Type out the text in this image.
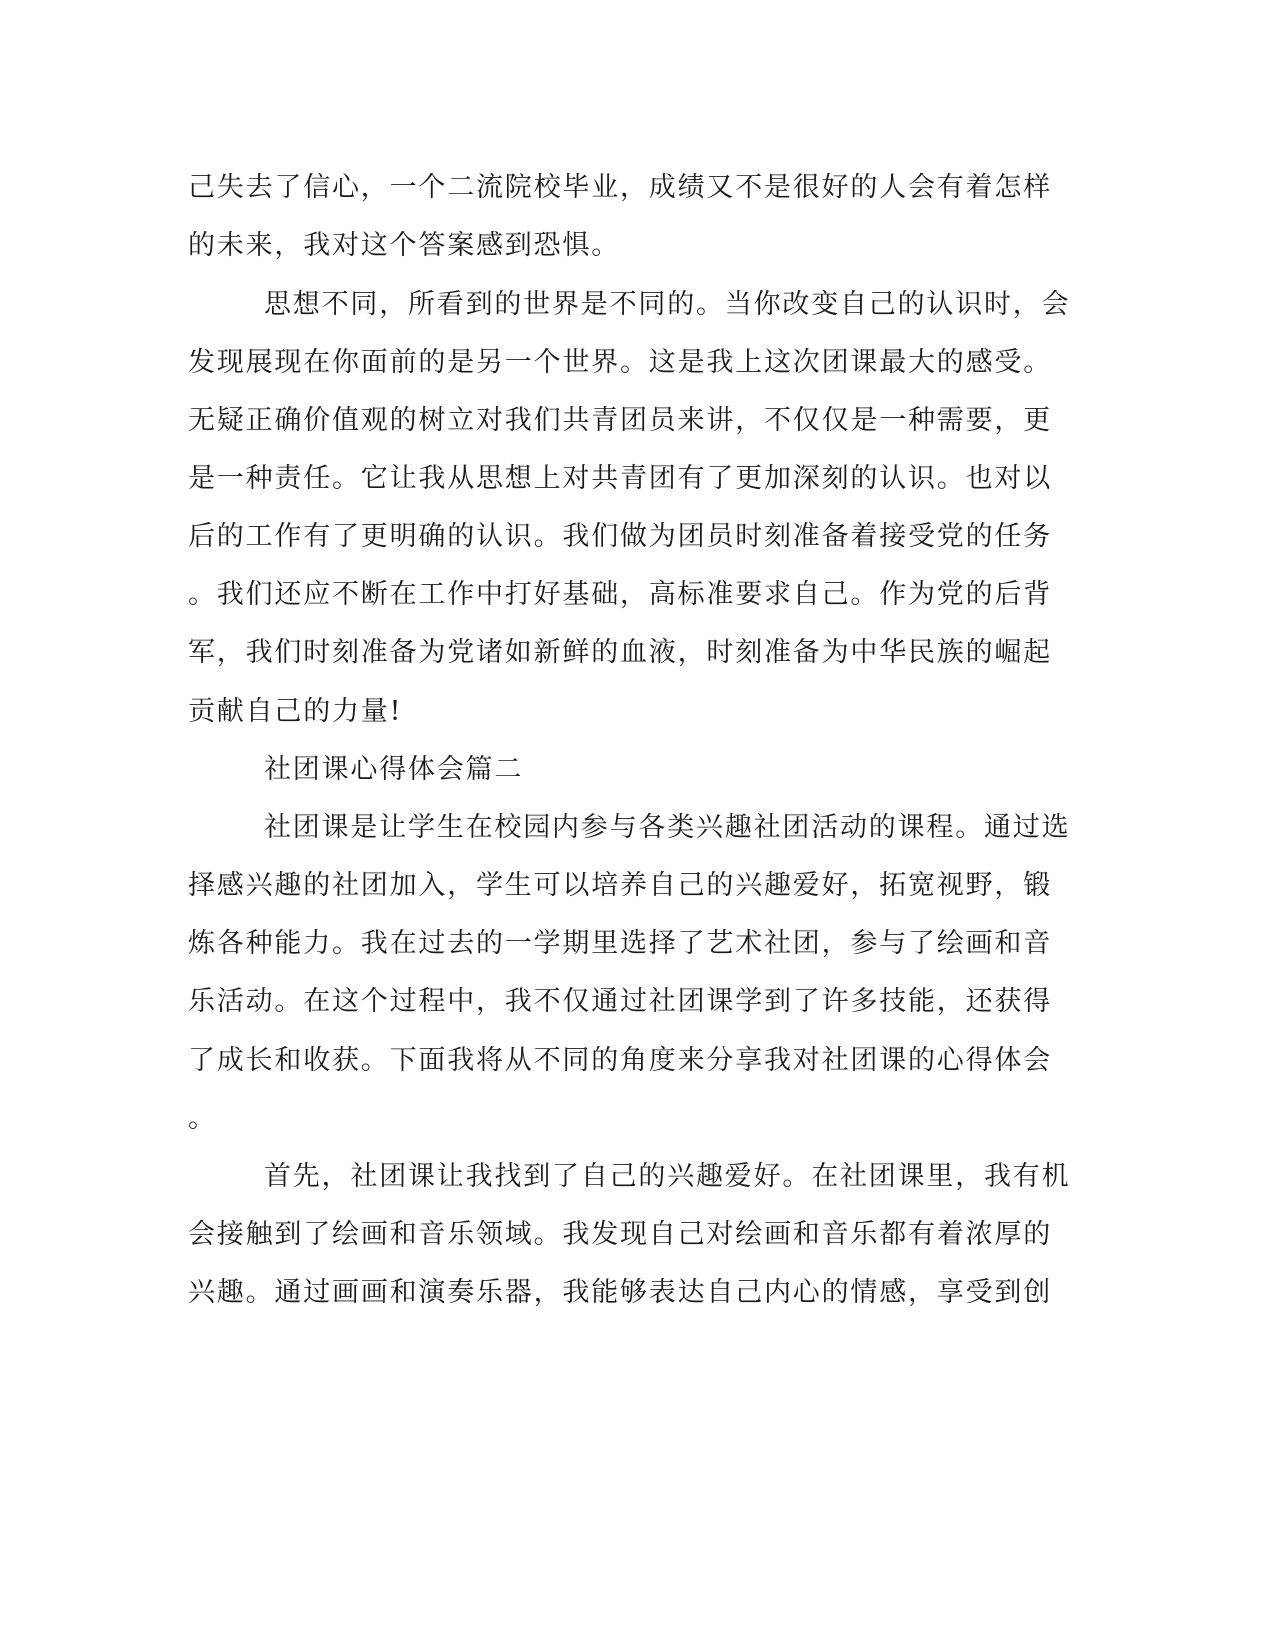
己失去了信心，一个二流院校毕业，成绩又不是很好的人会有着怎样
的未来，我对这个答案感到恐惧。
思想不同，所看到的世界是不同的。当你改变自己的认识时，会
发现展现在你面前的是另一个世界。这是我上这次团课最大的感受。
无疑正确价值观的树立对我们共青团员来讲，不仅仅是一种需要，更
是一种责任。它让我从思想上对共青团有了更加深刻的认识。也对以
后的工作有了更明确的认识。我们做为团员时刻准备着接受党的任务
。我们还应不断在工作中打好基础，高标准要求自己。作为党的后背
军，我们时刻准备为党诸如新鲜的血液，时刻准备为中华民族的崛起
贡献自己的力量!
社团课心得体会篇二
社团课是让学生在校园内参与各类兴趣社团活动的课程。通过选
择感兴趣的社团加入，学生可以培养自己的兴趣爱好，拓宽视野，锻
炼各种能力。我在过去的一学期里选择了艺术社团，参与了绘画和音
乐活动。在这个过程中，我不仅通过社团课学到了许多技能，还获得
了成长和收获。下面我将从不同的角度来分享我对社团课的心得体会
。
首先，社团课让我找到了自己的兴趣爱好。在社团课里，我有机
会接触到了绘画和音乐领域。我发现自己对绘画和音乐都有着浓厚的
兴趣。通过画画和演奏乐器，我能够表达自己内心的情感，享受到创
